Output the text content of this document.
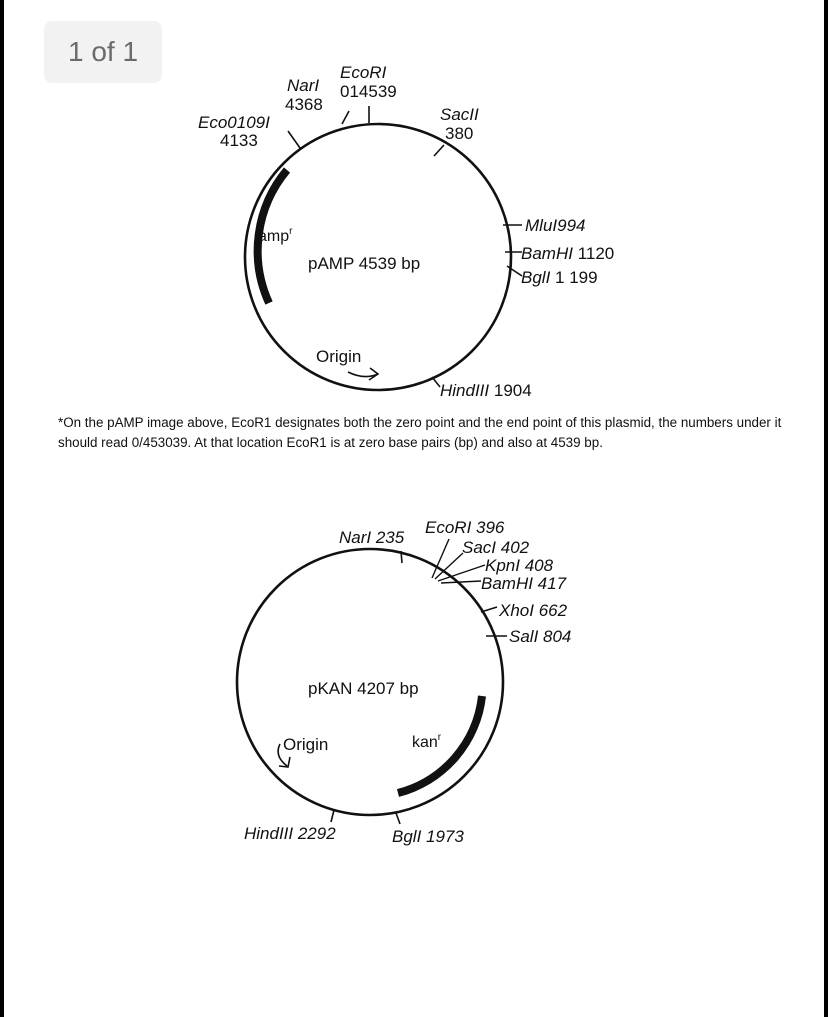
1 of 1
NarI
4368
EcoRI
014539
SacII
380
Eco0109I
4133
MluI994
BamHI 1120
BglI 1 199
HindIII 1904
amp$^r$
pAMP 4539 bp
Origin
NarI 235
EcoRI 396
SacI 402
KpnI 408
BamHI 417
XhoI 662
SalI 804
HindIII 2292	BglI 1973
pKAN 4207 bp
kan$^r$
Origin
*On the pAMP image above, EcoR1 designates both the zero point and the end point of this plasmid, the numbers under it should read 0/453039. At that location EcoR1 is at zero base pairs (bp) and also at 4539 bp.
